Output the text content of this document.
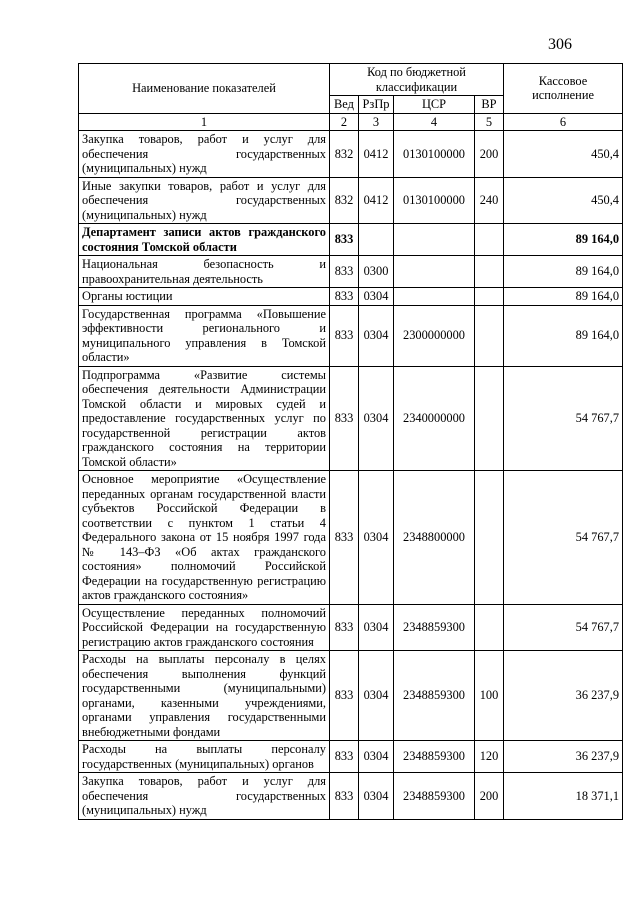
306
Наименование показателей	Код по бюджетной классификации				Кассовое исполнение
	Вед	РзПр	ЦСР	ВР	
1	2	3	4	5	6
Закупка товаров, работ и услуг для обеспечения государственных (муниципальных) нужд	832	0412	0130100000	200	450,4
Иные закупки товаров, работ и услуг для обеспечения государственных (муниципальных) нужд	832	0412	0130100000	240	450,4
Департамент записи актов гражданского состояния Томской области	833				89 164,0
Национальная безопасность и правоохранительная деятельность	833	0300			89 164,0
Органы юстиции	833	0304			89 164,0
Государственная программа «Повышение эффективности регионального и муниципального управления в Томской области»	833	0304	2300000000		89 164,0
Подпрограмма «Развитие системы обеспечения деятельности Администрации Томской области и мировых судей и предоставление государственных услуг по государственной регистрации актов гражданского состояния на территории Томской области»	833	0304	2340000000		54 767,7
Основное мероприятие «Осуществление переданных органам государственной власти субъектов Российской Федерации в соответствии с пунктом 1 статьи 4 Федерального закона от 15 ноября 1997 года № 143–ФЗ «Об актах гражданского состояния» полномочий Российской Федерации на государственную регистрацию актов гражданского состояния»	833	0304	2348800000		54 767,7
Осуществление переданных полномочий Российской Федерации на государственную регистрацию актов гражданского состояния	833	0304	2348859300		54 767,7
Расходы на выплаты персоналу в целях обеспечения выполнения функций государственными (муниципальными) органами, казенными учреждениями, органами управления государственными внебюджетными фондами	833	0304	2348859300	100	36 237,9
Расходы на выплаты персоналу государственных (муниципальных) органов	833	0304	2348859300	120	36 237,9
Закупка товаров, работ и услуг для обеспечения государственных (муниципальных) нужд	833	0304	2348859300	200	18 371,1
